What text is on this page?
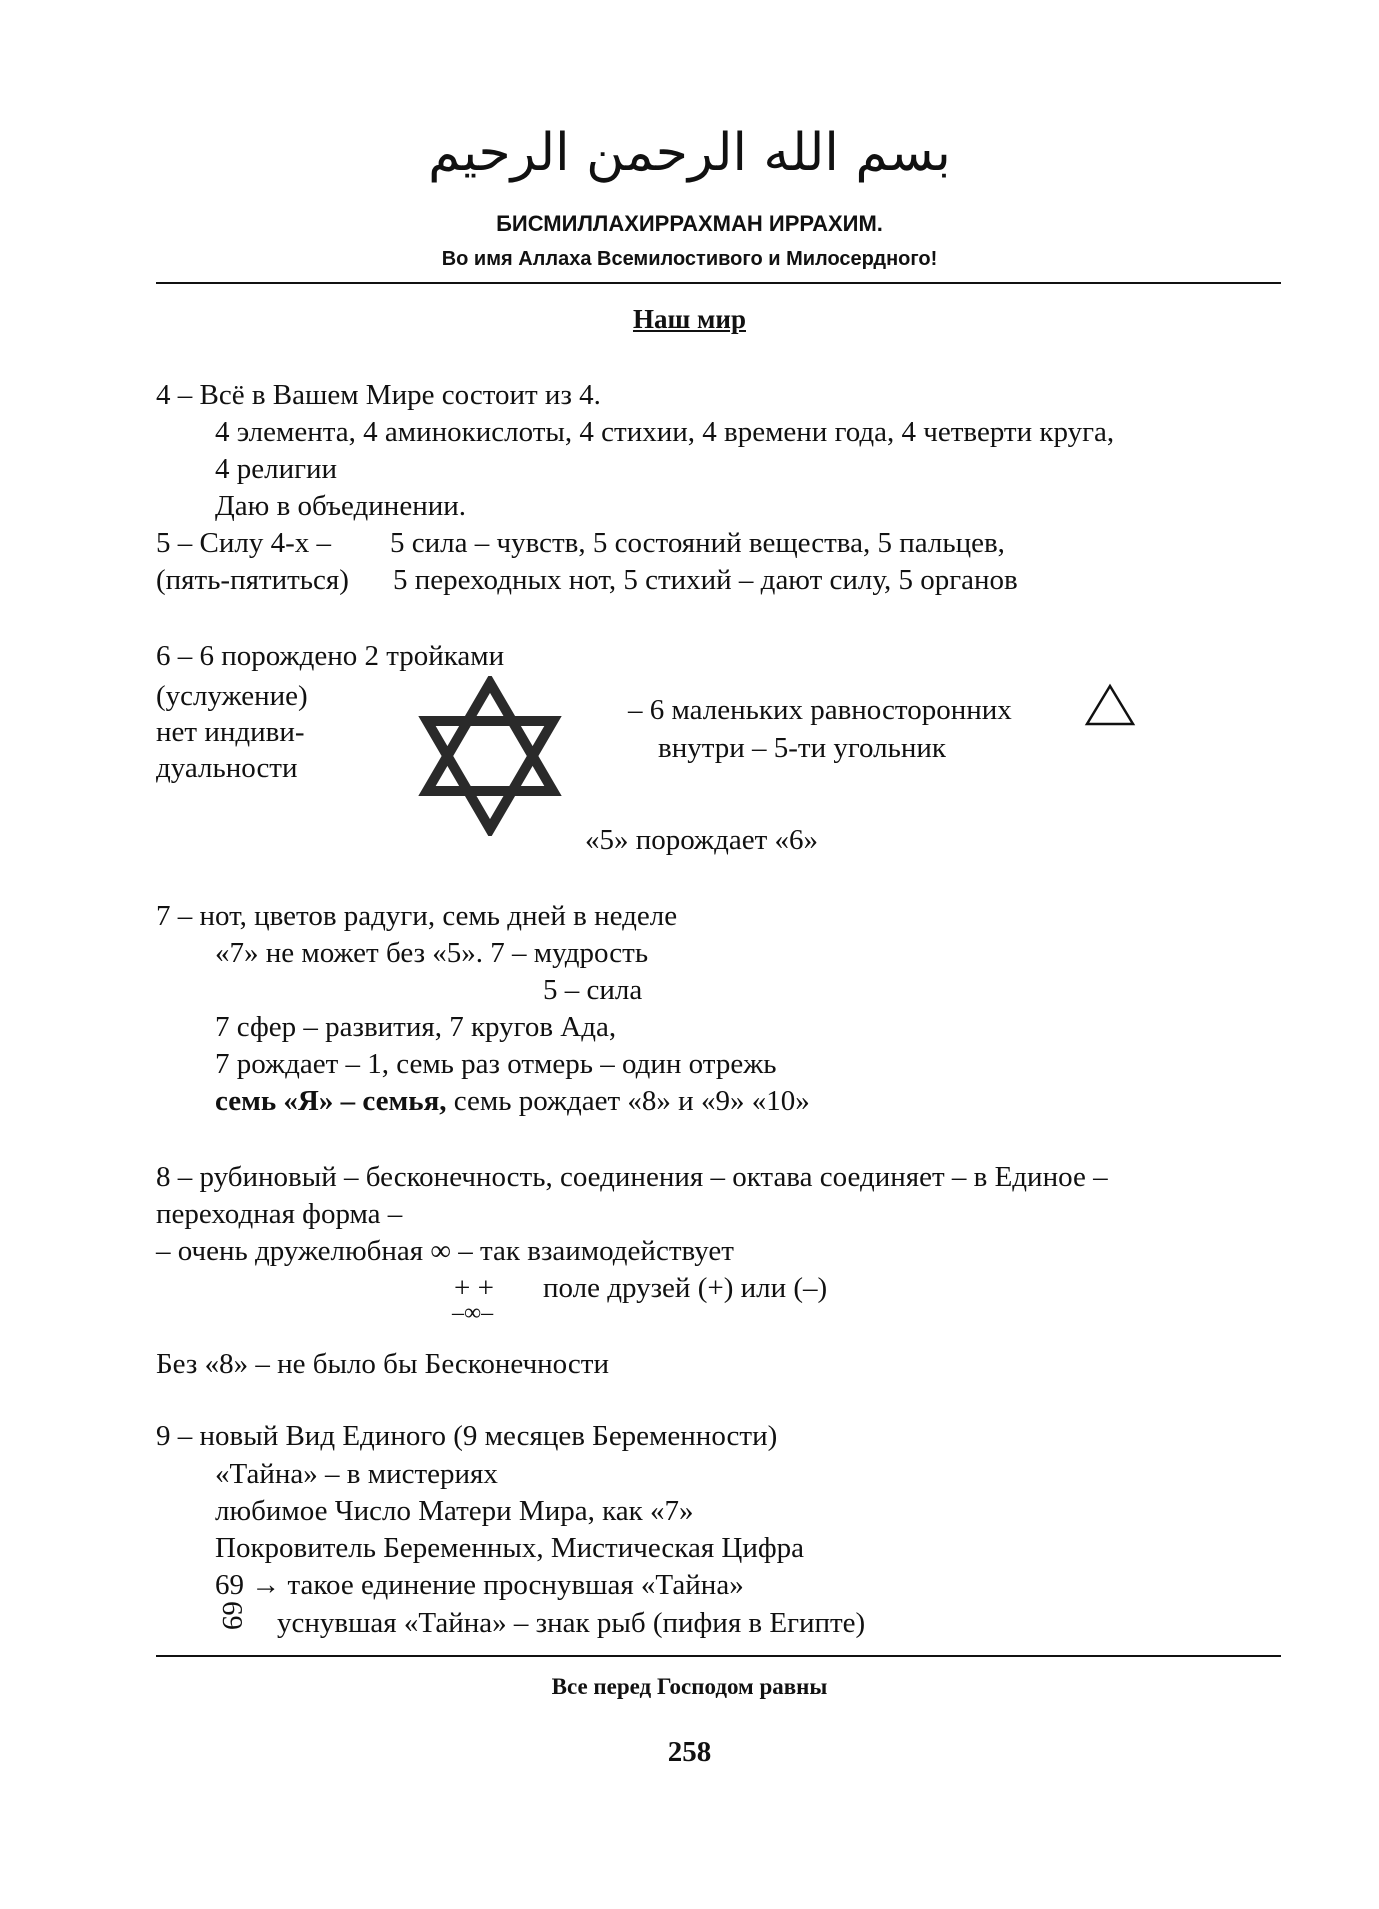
بسم الله الرحمن الرحيم
БИСМИЛЛАХИРРАХМАН ИРРАХИМ.
Во имя Аллаха Всемилостивого и Милосердного!
Наш мир
4 – Всё в Вашем Мире состоит из 4.
4 элемента, 4 аминокислоты, 4 стихии, 4 времени года, 4 четверти круга,
4 религии
Даю в объединении.
5 – Силу 4-х – 5 сила – чувств, 5 состояний вещества, 5 пальцев,
(пять-пятиться) 5 переходных нот, 5 стихий – дают силу, 5 органов
6 – 6 порождено 2 тройками
(услужение)
нет индиви-
дуальности
– 6 маленьких равносторонних
внутри – 5-ти угольник
«5» порождает «6»
7 – нот, цветов радуги, семь дней в неделе
«7» не может без «5». 7 – мудрость
5 – сила
7 сфер – развития, 7 кругов Ада,
7 рождает – 1, семь раз отмерь – один отрежь
семь «Я» – семья, семь рождает «8» и «9» «10»
8 – рубиновый – бесконечность, соединения – октава соединяет – в Единое –
переходная форма –
– очень дружелюбная ∞ – так взаимодействует
+ + поле друзей (+) или (–)
–∞–
Без «8» – не было бы Бесконечности
9 – новый Вид Единого (9 месяцев Беременности)
«Тайна» – в мистериях
любимое Число Матери Мира, как «7»
Покровитель Беременных, Мистическая Цифра
69 → такое единение проснувшая «Тайна»
69 уснувшая «Тайна» – знак рыб (пифия в Египте)
Все перед Господом равны
258
